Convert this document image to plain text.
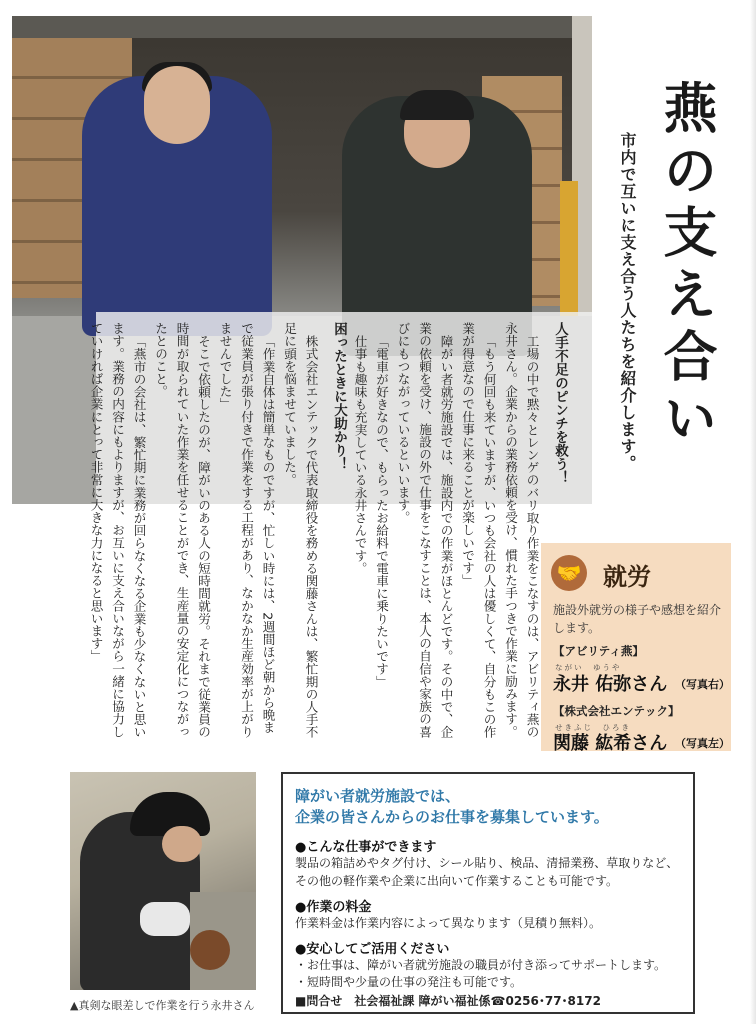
燕の支え合い
市内で互いに支え合う人たちを紹介します。
人手不足のピンチを救う！

工場の中で黙々とレンゲのバリ取り作業をこなすのは、アビリティ燕の永井さん。企業からの業務依頼を受け、慣れた手つきで作業に励みます。

「もう何回も来ていますが、いつも会社の人は優しくて、自分もこの作業が得意なので仕事に来ることが楽しいです」

障がい者就労施設では、施設内での作業がほとんどです。その中で、企業の依頼を受け、施設の外で仕事をこなすことは、本人の自信や家族の喜びにもつながっているといいます。

「電車が好きなので、もらったお給料で電車に乗りたいです」

仕事も趣味も充実している永井さんです。

困ったときに大助かり！

株式会社エンテックで代表取締役を務める関藤さんは、繁忙期の人手不足に頭を悩ませていました。

「作業自体は簡単なものですが、忙しい時には、2週間ほど朝から晩まで従業員が張り付きで作業をする工程があり、なかなか生産効率が上がりませんでした」

そこで依頼したのが、障がいのある人の短時間就労。それまで従業員の時間が取られていた作業を任せることができ、生産量の安定化につながったとのこと。

「燕市の会社は、繁忙期に業務が回らなくなる企業も少なくないと思います。業務の内容にもよりますが、お互いに支え合いながら一緒に協力していければ企業にとって非常に大きな力になると思います」	🤝 就労
施設外就労の様子や感想を紹介します。
【アビリティ燕】
ながい　ゆうや
永井 佑弥さん （写真右）
【株式会社エンテック】
せきふじ　ひろき
関藤 紘希さん （写真左）
▲真剣な眼差しで作業を行う永井さん
障がい者就労施設では、
企業の皆さんからのお仕事を募集しています。
●こんな仕事ができます
製品の箱詰めやタグ付け、シール貼り、検品、清掃業務、草取りなど、その他の軽作業や企業に出向いて作業することも可能です。
●作業の料金
作業料金は作業内容によって異なります（見積り無料）。
●安心してご活用ください
・お仕事は、障がい者就労施設の職員が付き添ってサポートします。
・短時間や少量の仕事の発注も可能です。
■問合せ　社会福祉課 障がい福祉係☎0256･77･8172
